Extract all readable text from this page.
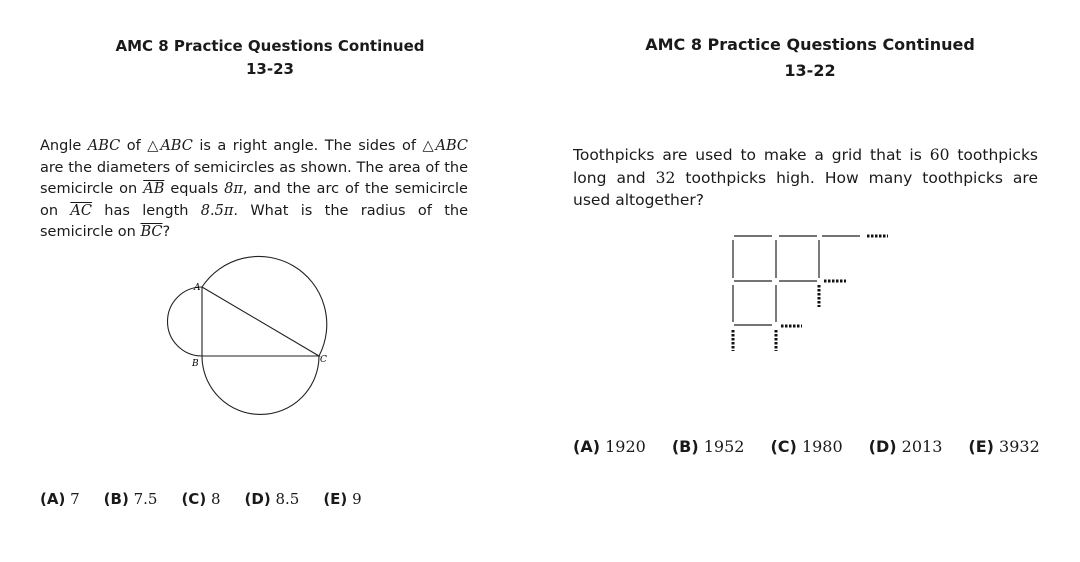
AMC 8 Practice Questions Continued
13-23
Angle ABC of △ABC is a right angle. The sides of △ABC are the diameters of semicircles as shown. The area of the semicircle on $\overline{AB}$ equals 8π, and the arc of the semicircle on $\overline{AC}$ has length 8.5π. What is the radius of the semicircle on $\overline{BC}$?
A
B	C
(A) 7 (B) 7.5 (C) 8 (D) 8.5 (E) 9
AMC 8 Practice Questions Continued
13-22
Toothpicks are used to make a grid that is 60 toothpicks long and 32 toothpicks high. How many toothpicks are used altogether?
(A) 1920 (B) 1952 (C) 1980 (D) 2013 (E) 3932
